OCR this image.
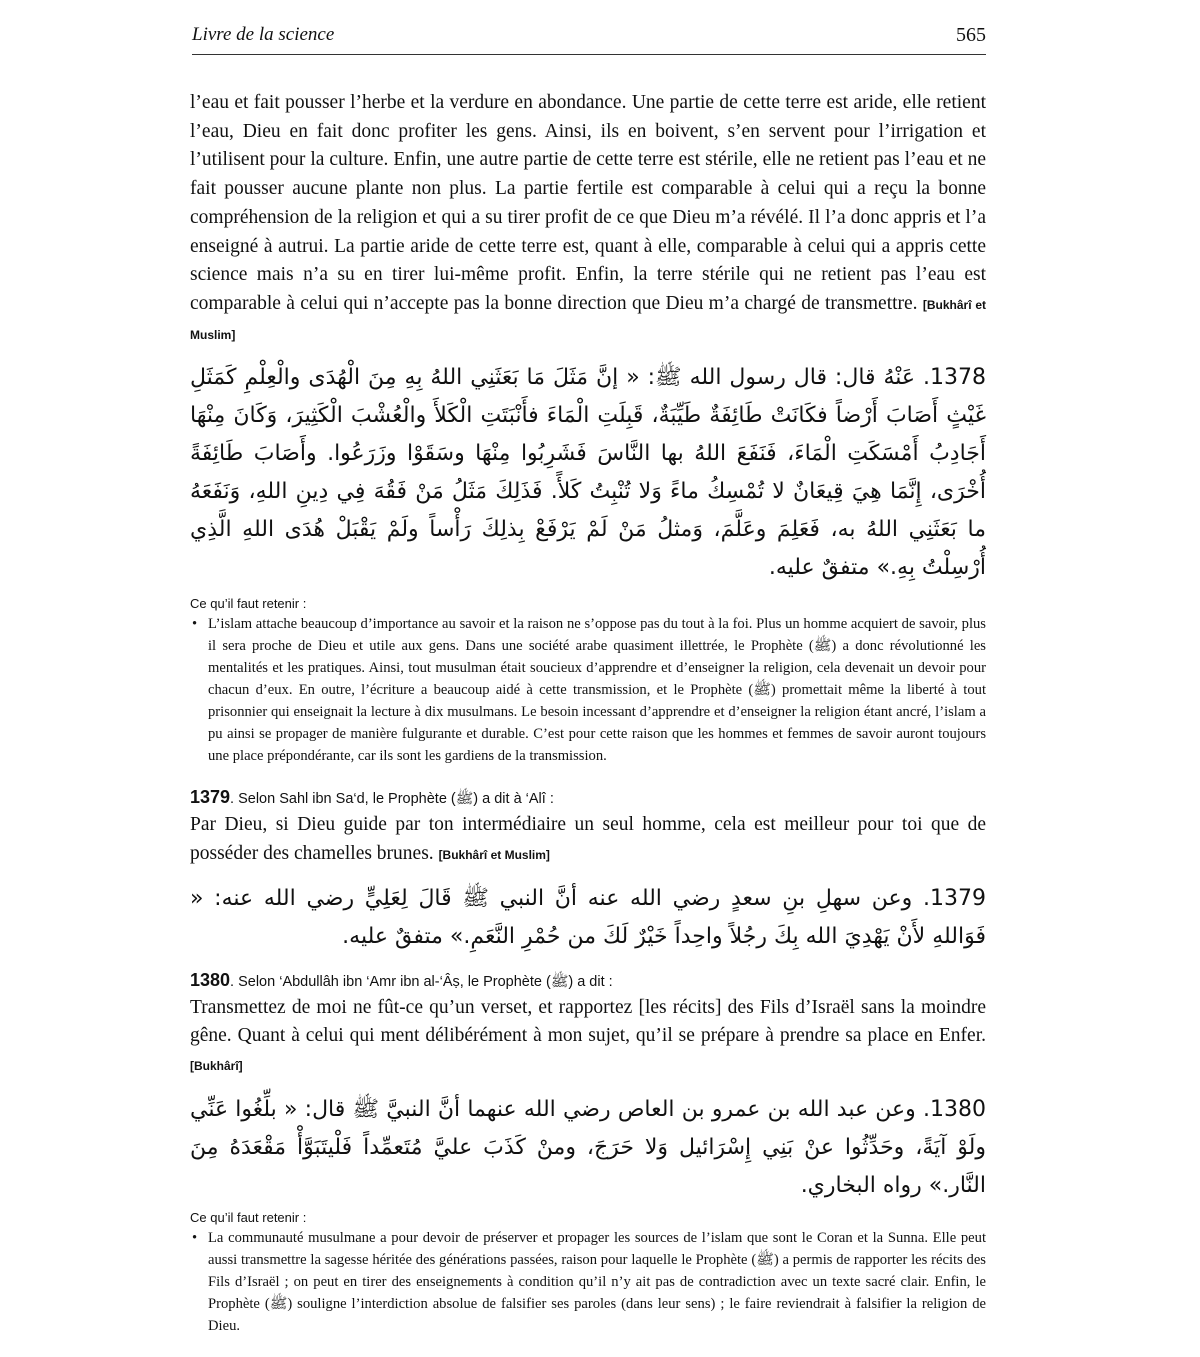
Livre de la science	565
l’eau et fait pousser l’herbe et la verdure en abondance. Une partie de cette terre est aride, elle retient l’eau, Dieu en fait donc profiter les gens. Ainsi, ils en boivent, s’en servent pour l’irrigation et l’utilisent pour la culture. Enfin, une autre partie de cette terre est stérile, elle ne retient pas l’eau et ne fait pousser aucune plante non plus. La partie fertile est comparable à celui qui a reçu la bonne compréhension de la religion et qui a su tirer profit de ce que Dieu m’a révélé. Il l’a donc appris et l’a enseigné à autrui. La partie aride de cette terre est, quant à elle, comparable à celui qui a appris cette science mais n’a su en tirer lui-même profit. Enfin, la terre stérile qui ne retient pas l’eau est comparable à celui qui n’accepte pas la bonne direction que Dieu m’a chargé de transmettre. [Bukhârî et Muslim]
1378. عَنْهُ قال: قال رسول الله ﷺ: « إنَّ مَثَلَ مَا بَعَثَنِي اللهُ بِهِ مِنَ الْهُدَى والْعِلْمِ كَمَثَلِ غَيْثٍ أَصَابَ أَرْضاً فكَانَتْ طَائِفَةٌ طَيِّبَةٌ، قَبِلَتِ الْمَاءَ فأَنْبَتَتِ الْكَلأَ والْعُشْبَ الْكَثِيرَ، وَكَانَ مِنْهَا أَجَادِبُ أَمْسَكَتِ الْمَاءَ، فَنَفَعَ اللهُ بها النَّاسَ فَشَرِبُوا مِنْهَا وسَقَوْا وزَرَعُوا. وأَصَابَ طَائِفَةً أُخْرَى، إِنَّمَا هِيَ قِيعَانٌ لا تُمْسِكُ ماءً وَلا تُنْبِتُ كَلأً. فَذَلِكَ مَثَلُ مَنْ فَقُهَ فِي دِينِ اللهِ، وَنَفَعَهُ ما بَعَثَنِي اللهُ به، فَعَلِمَ وعَلَّمَ، وَمثلُ مَنْ لَمْ يَرْفَعْ بِذلِكَ رَأْساً ولَمْ يَقْبَلْ هُدَى اللهِ الَّذِي أُرْسِلْتُ بِهِ.» متفقٌ عليه.
Ce qu’il faut retenir :
• L’islam attache beaucoup d’importance au savoir et la raison ne s’oppose pas du tout à la foi. Plus un homme acquiert de savoir, plus il sera proche de Dieu et utile aux gens. Dans une société arabe quasiment illettrée, le Prophète (ﷺ) a donc révolutionné les mentalités et les pratiques. Ainsi, tout musulman était soucieux d’apprendre et d’enseigner la religion, cela devenait un devoir pour chacun d’eux. En outre, l’écriture a beaucoup aidé à cette transmission, et le Prophète (ﷺ) promettait même la liberté à tout prisonnier qui enseignait la lecture à dix musulmans. Le besoin incessant d’apprendre et d’enseigner la religion étant ancré, l’islam a pu ainsi se propager de manière fulgurante et durable. C’est pour cette raison que les hommes et femmes de savoir auront toujours une place prépondérante, car ils sont les gardiens de la transmission.
1379. Selon Sahl ibn Sa‘d, le Prophète (ﷺ) a dit à ‘Alî :
Par Dieu, si Dieu guide par ton intermédiaire un seul homme, cela est meilleur pour toi que de posséder des chamelles brunes. [Bukhârî et Muslim]
1379. وعن سهلِ بنِ سعدٍ رضي الله عنه أنَّ النبي ﷺ قَالَ لِعَلِيٍّ رضي الله عنه: « فَوَاللهِ لأَنْ يَهْدِيَ الله بِكَ رجُلاً واحِداً خَيْرٌ لَكَ من حُمْرِ النَّعَمِ.» متفقٌ عليه.
1380. Selon ‘Abdullâh ibn ‘Amr ibn al-‘Âṣ, le Prophète (ﷺ) a dit :
Transmettez de moi ne fût-ce qu’un verset, et rapportez [les récits] des Fils d’Israël sans la moindre gêne. Quant à celui qui ment délibérément à mon sujet, qu’il se prépare à prendre sa place en Enfer. [Bukhârî]
1380. وعن عبد الله بن عمرو بن العاص رضي الله عنهما أنَّ النبيَّ ﷺ قال: « بلِّغُوا عَنِّي ولَوْ آيَةً، وحَدِّثُوا عنْ بَنِي إِسْرَائيل وَلا حَرَجَ، ومنْ كَذَبَ عليَّ مُتَعمِّداً فَلْيتَبَوَّأْ مَقْعَدَهُ مِنَ النَّار.» رواه البخاري.
Ce qu’il faut retenir :
• La communauté musulmane a pour devoir de préserver et propager les sources de l’islam que sont le Coran et la Sunna. Elle peut aussi transmettre la sagesse héritée des générations passées, raison pour laquelle le Prophète (ﷺ) a permis de rapporter les récits des Fils d’Israël ; on peut en tirer des enseignements à condition qu’il n’y ait pas de contradiction avec un texte sacré clair. Enfin, le Prophète (ﷺ) souligne l’interdiction absolue de falsifier ses paroles (dans leur sens) ; le faire reviendrait à falsifier la religion de Dieu.
